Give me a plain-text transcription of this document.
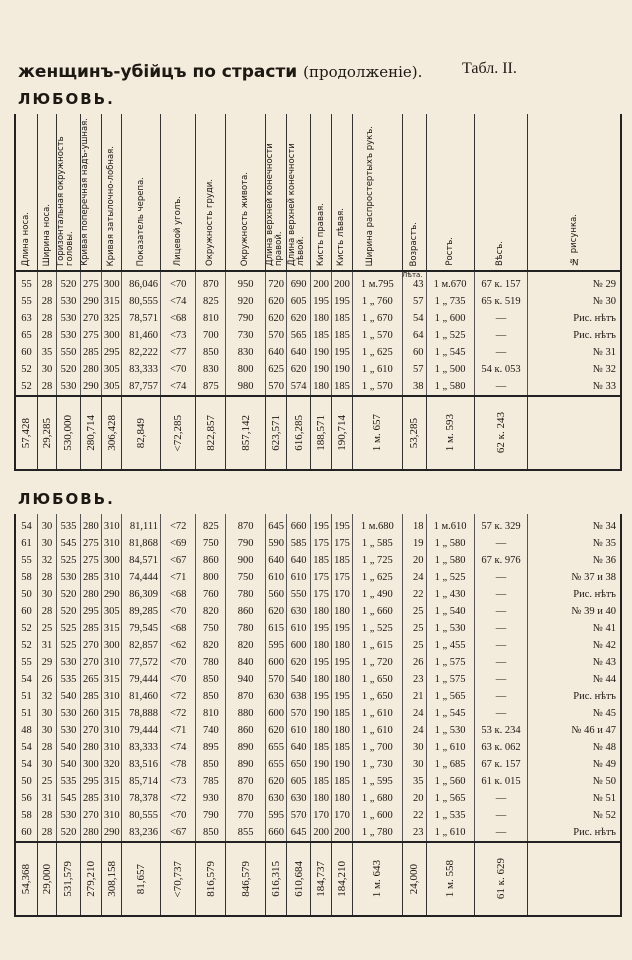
женщинъ-убійцъ по страсти (продолженіе). Табл. II.
ЛЮБОВЬ.
Длина носа.	Ширина носа.	Горизонтальная окружность головы.	Кривая поперечная надъ-ушная.	Кривая затылочно-лобная.	Показатель черепа.	Лицевой уголъ.	Окружность груди.	Окружность живота.	Длина верхней конечности правой.	Длина верхней конечности лѣвой.	Кисть правая.	Кисть лѣвая.	Ширина распростертыхъ рукъ.	Возрастъ.	Ростъ.	Вѣсъ.	№ рисунка.

55	28	520	275	300	86,046	<70	870	950	720	690	200	200	1 м.795	43	1 м.670	67 к. 157	№ 29
55	28	530	290	315	80,555	<74	825	920	620	605	195	195	1 „ 760	57	1 „ 735	65 к. 519	№ 30
63	28	530	270	325	78,571	<68	810	790	620	620	180	185	1 „ 670	54	1 „ 600	—	Рис. нѣтъ
65	28	530	275	300	81,460	<73	700	730	570	565	185	185	1 „ 570	64	1 „ 525	—	Рис. нѣтъ
60	35	550	285	295	82,222	<77	850	830	640	640	190	195	1 „ 625	60	1 „ 545	—	№ 31
52	30	520	280	305	83,333	<70	830	800	625	620	190	190	1 „ 610	57	1 „ 500	54 к. 053	№ 32
52	28	530	290	305	87,757	<74	875	980	570	574	180	185	1 „ 570	38	1 „ 580	—	№ 33

57,428	29,285	530,000	280,714	306,428	82,849	<72,285	822,857	857,142	623,571	616,285	188,571	190,714	1 м. 657	53,285	1 м. 593	62 к. 243	

Лѣта.
ЛЮБОВЬ.
54	30	535	280	310	81,111	<72	825	870	645	660	195	195	1 м.680	18	1 м.610	57 к. 329	№ 34
61	30	545	275	310	81,868	<69	750	790	590	585	175	175	1 „ 585	19	1 „ 580	—	№ 35
55	32	525	275	300	84,571	<67	860	900	640	640	185	185	1 „ 725	20	1 „ 580	67 к. 976	№ 36
58	28	530	285	310	74,444	<71	800	750	610	610	175	175	1 „ 625	24	1 „ 525	—	№ 37 и 38
50	30	520	280	290	86,309	<68	760	780	560	550	175	170	1 „ 490	22	1 „ 430	—	Рис. нѣтъ
60	28	520	295	305	89,285	<70	820	860	620	630	180	180	1 „ 660	25	1 „ 540	—	№ 39 и 40
52	25	525	285	315	79,545	<68	750	780	615	610	195	195	1 „ 525	25	1 „ 530	—	№ 41
52	31	525	270	300	82,857	<62	820	820	595	600	180	180	1 „ 615	25	1 „ 455	—	№ 42
55	29	530	270	310	77,572	<70	780	840	600	620	195	195	1 „ 720	26	1 „ 575	—	№ 43
54	26	535	265	315	79,444	<70	850	940	570	540	180	180	1 „ 650	23	1 „ 575	—	№ 44
51	32	540	285	310	81,460	<72	850	870	630	638	195	195	1 „ 650	21	1 „ 565	—	Рис. нѣтъ
51	30	530	260	315	78,888	<72	810	880	600	570	190	185	1 „ 610	24	1 „ 545	—	№ 45
48	30	530	270	310	79,444	<71	740	860	620	610	180	180	1 „ 610	24	1 „ 530	53 к. 234	№ 46 и 47
54	28	540	280	310	83,333	<74	895	890	655	640	185	185	1 „ 700	30	1 „ 610	63 к. 062	№ 48
54	30	540	300	320	83,516	<78	850	890	655	650	190	190	1 „ 730	30	1 „ 685	67 к. 157	№ 49
50	25	535	295	315	85,714	<73	785	870	620	605	185	185	1 „ 595	35	1 „ 560	61 к. 015	№ 50
56	31	545	285	310	78,378	<72	930	870	630	630	180	180	1 „ 680	20	1 „ 565	—	№ 51
58	28	530	270	310	80,555	<70	790	770	595	570	170	170	1 „ 600	22	1 „ 535	—	№ 52
60	28	520	280	290	83,236	<67	850	855	660	645	200	200	1 „ 780	23	1 „ 610	—	Рис. нѣтъ

54,368	29,000	531,579	279,210	308,158	81,657	<70,737	816,579	846,579	616,315	610,684	184,737	184,210	1 м. 643	24,000	1 м. 558	61 к. 629	
